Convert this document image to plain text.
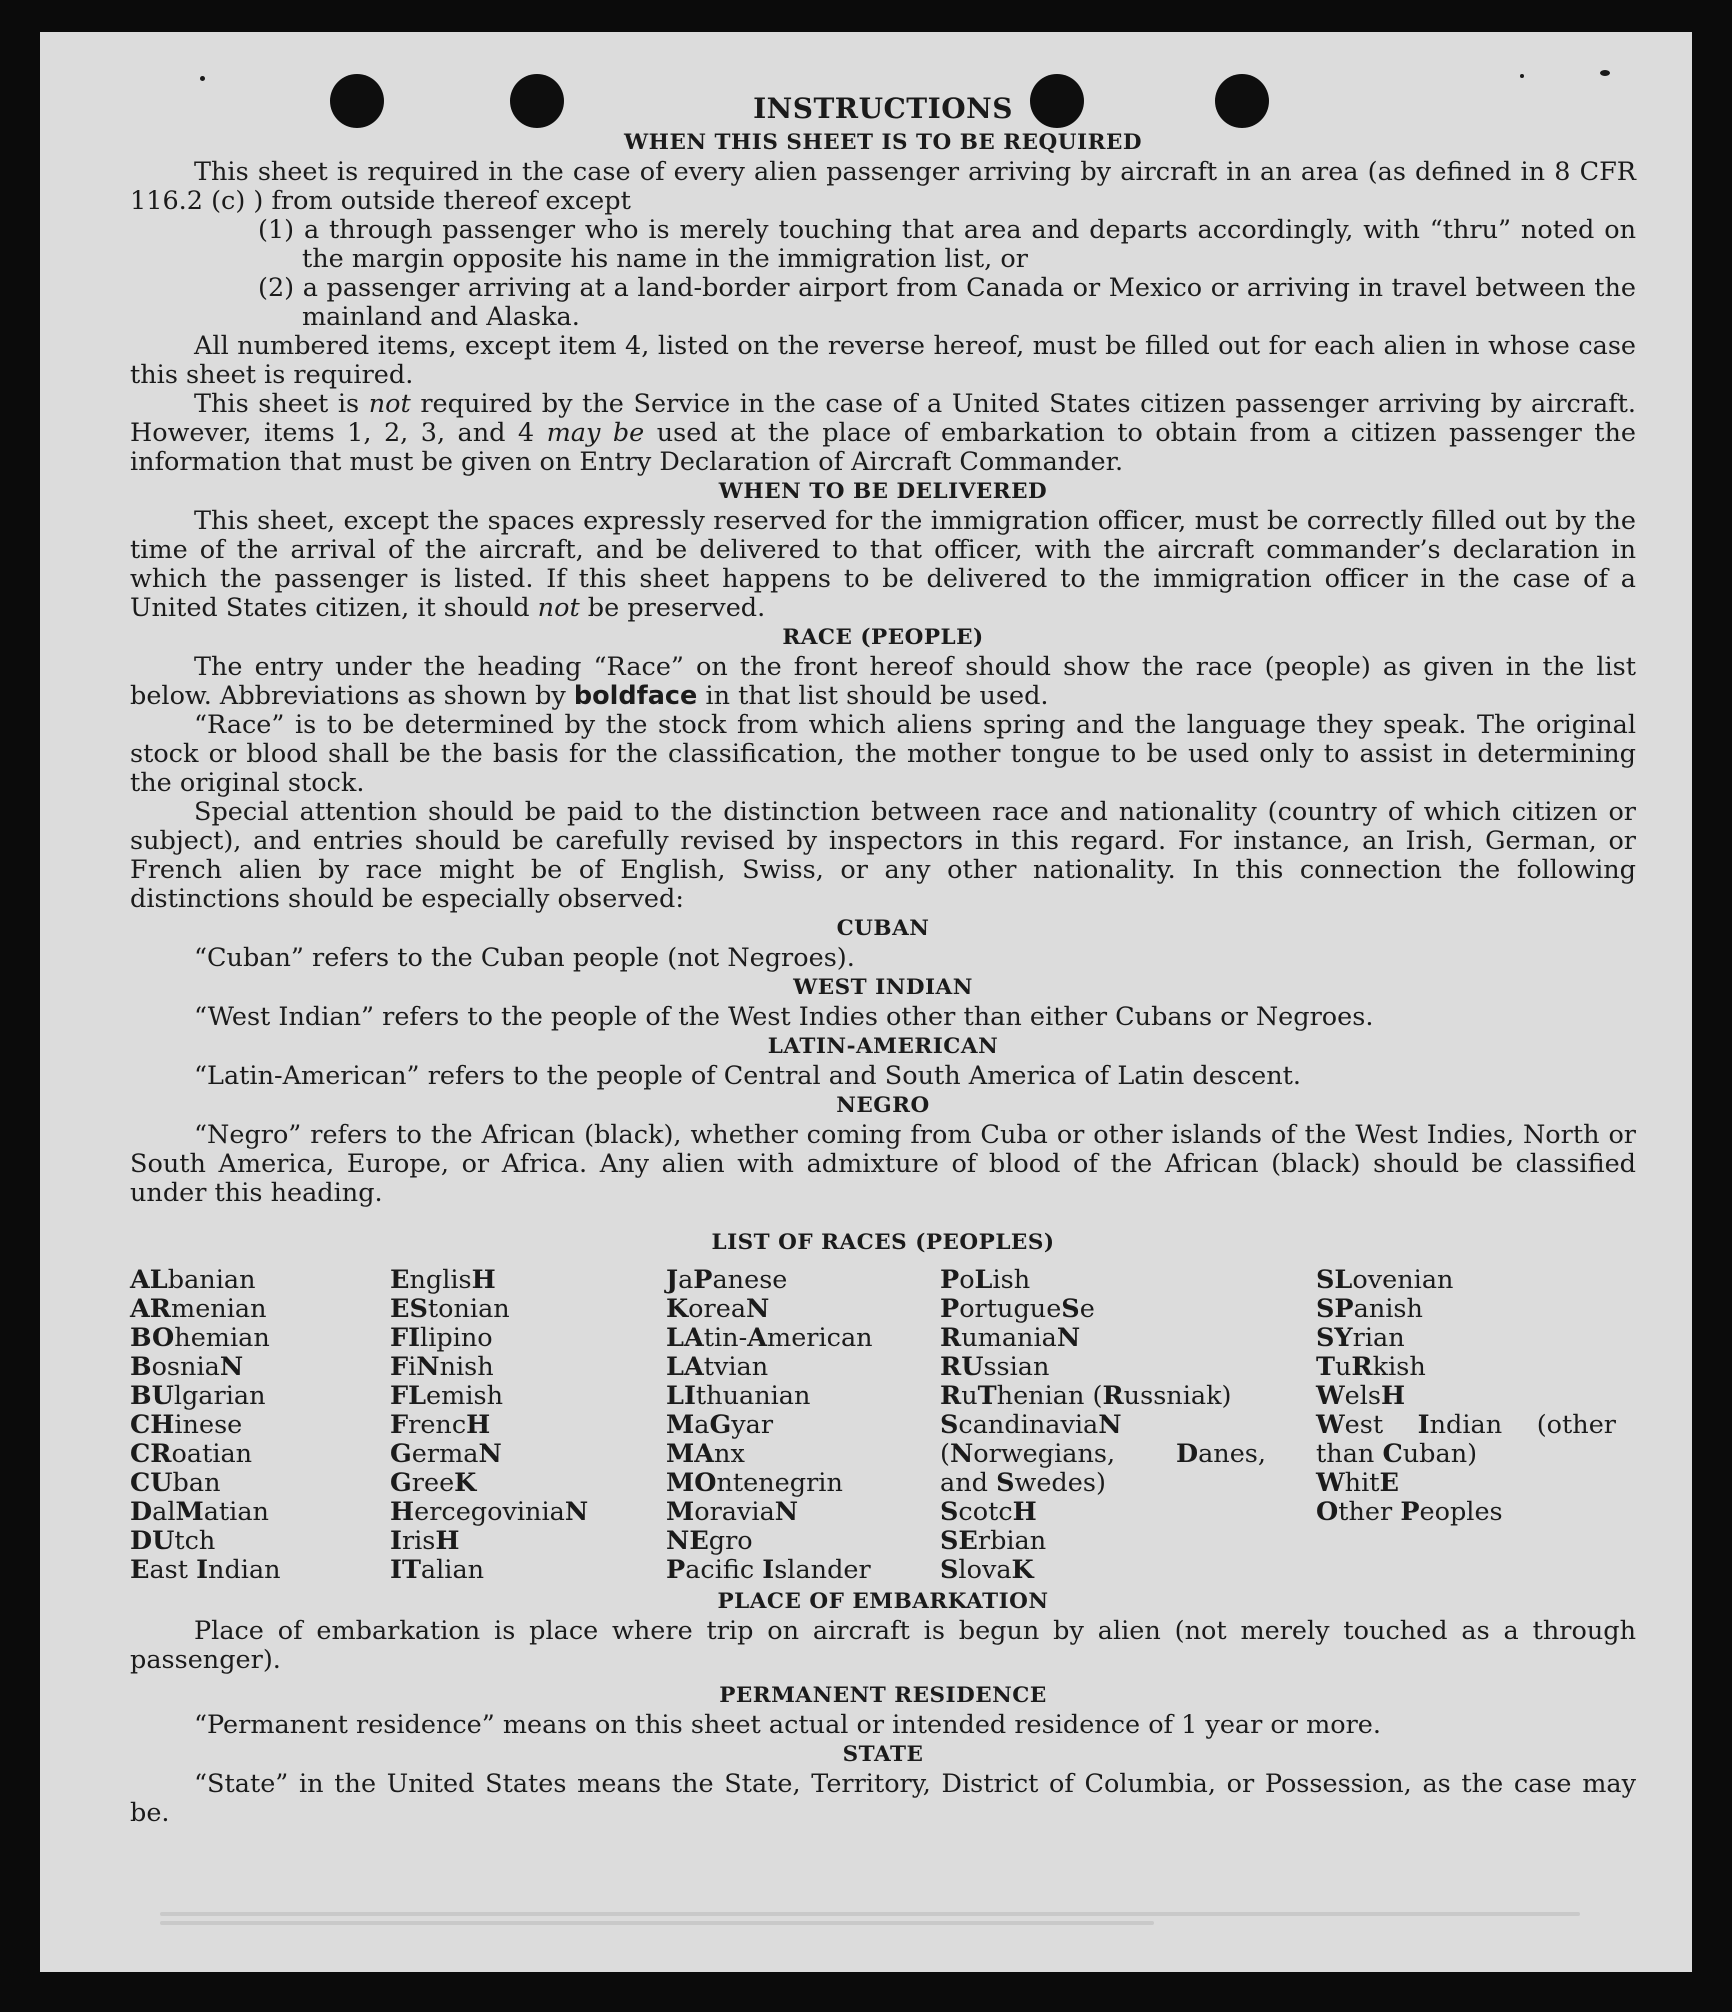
INSTRUCTIONS
WHEN THIS SHEET IS TO BE REQUIRED

This sheet is required in the case of every alien passenger arriving by aircraft in an area (as defined in 8 CFR 116.2 (c) ) from outside thereof except

(1) a through passenger who is merely touching that area and departs accordingly, with “thru” noted on the margin opposite his name in the immigration list, or
(2) a passenger arriving at a land-border airport from Canada or Mexico or arriving in travel between the mainland and Alaska.

All numbered items, except item 4, listed on the reverse hereof, must be filled out for each alien in whose case this sheet is required.

This sheet is not required by the Service in the case of a United States citizen passenger arriving by aircraft. However, items 1, 2, 3, and 4 may be used at the place of embarkation to obtain from a citizen passenger the information that must be given on Entry Declaration of Aircraft Commander.

WHEN TO BE DELIVERED

This sheet, except the spaces expressly reserved for the immigration officer, must be correctly filled out by the time of the arrival of the aircraft, and be delivered to that officer, with the aircraft commander’s declaration in which the passenger is listed. If this sheet happens to be delivered to the immigration officer in the case of a United States citizen, it should not be preserved.

RACE (PEOPLE)

The entry under the heading “Race” on the front hereof should show the race (people) as given in the list below. Abbreviations as shown by boldface in that list should be used.

“Race” is to be determined by the stock from which aliens spring and the language they speak. The original stock or blood shall be the basis for the classification, the mother tongue to be used only to assist in determining the original stock.

Special attention should be paid to the distinction between race and nationality (country of which citizen or subject), and entries should be carefully revised by inspectors in this regard. For instance, an Irish, German, or French alien by race might be of English, Swiss, or any other nationality. In this connection the following distinctions should be especially observed:

CUBAN

“Cuban” refers to the Cuban people (not Negroes).

WEST INDIAN

“West Indian” refers to the people of the West Indies other than either Cubans or Negroes.

LATIN-AMERICAN

“Latin-American” refers to the people of Central and South America of Latin descent.

NEGRO

“Negro” refers to the African (black), whether coming from Cuba or other islands of the West Indies, North or South America, Europe, or Africa. Any alien with admixture of blood of the African (black) should be classified under this heading.

LIST OF RACES (PEOPLES)
ALbanian
ARmenian
BOhemian
BosniaN
BUlgarian
CHinese
CRoatian
CUban
DalMatian
DUtch
East Indian
EnglisH
EStonian
FIlipino
FiNnish
FLemish
FrencH
GermaN
GreeK
HercegoviniaN
IrisH
ITalian
JaPanese
KoreaN
LAtin-American
LAtvian
LIthuanian
MaGyar
MAnx
MOntenegrin
MoraviaN
NEgro
Pacifc Islander
PoLish
PortugueSe
RumaniaN
RUssian
RuThenian (Russniak)
ScandinaviaN (Norwegians, Danes, and Swedes)
ScotcH
SErbian
SlovaK
SLovenian
SPanish
SYrian
TuRkish
WelsH
West Indian (other than Cuban)
WhitE
Other Peoples
PLACE OF EMBARKATION

Place of embarkation is place where trip on aircraft is begun by alien (not merely touched as a through passenger).

PERMANENT RESIDENCE

“Permanent residence” means on this sheet actual or intended residence of 1 year or more.

STATE

“State” in the United States means the State, Territory, District of Columbia, or Possession, as the case may be.
